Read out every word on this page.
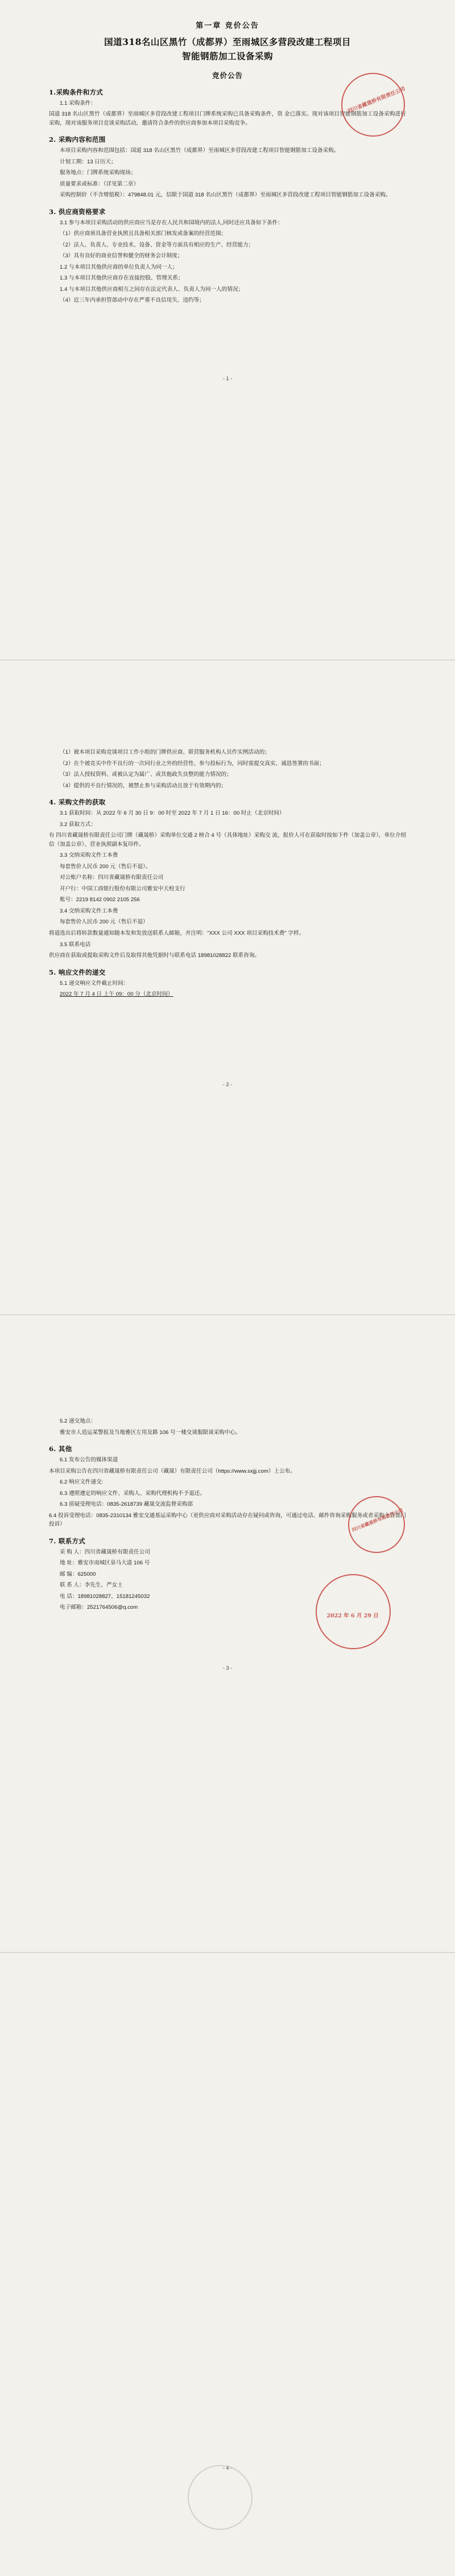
第一章 竞价公告
国道318名山区黑竹（成都界）至雨城区多营段改建工程项目
智能钢筋加工设备采购
竞价公告
1.采购条件和方式

1.1 采购条件：

国道 318 名山区黑竹（成都界）至雨城区多营段改建工程项目门牌系统采购已具备采购条件，资 金已落实。现对该项目智能钢筋加工设备采购进行采购，现对该服务项目竞谈采购活动，邀请符合条件的供应商参加本项目采购竞争。

2. 采购内容和范围

本项目采购内容和范围包括：国道 318 名山区黑竹（成都界）至雨城区多营段改建工程项目智能钢筋加工设备采购。

计划工期：13 日历天；

服务地点：门牌系统采购现场；

质量要求或标准：（详见第二章）

采购控制价（不含增值税）：479848.01 元，信限于国道 318 名山区黑竹（成都界）至雨城区多营段改建工程项目智能钢筋加工设备采购。

3. 供应商资格要求

3.1 参与本项目采购活动的供应商应当是存在人民共和国境内的法人,同时还应具备如下条件：

（1）供应商须具备营业执照且具备相关部门核发或备案的经营范围；

（2）法人、负责人、专业技术、设备、资金等方面具有相应的生产、经营能力；

（3）具有良好的商业信誉和健全的财务会计制度；

1.2 与本项目其他供应商的单位负责人为同一人；

1.3 与本项目其他供应商存在直接控股、管理关系；

1.4 与本项目其他供应商相互之间存在法定代表人、负责人为同一人的情况；

（4）近三年内承担管部动中存在严重不良信用失、违约等；

- 1 -
四川省藏晟桥有限责任公司

（1）被本项目采购竞谈项目工作小组的门牌供应商、联营服务机构人员作实例活动的；

（2）在个被竞买中作不良行的一次同行业之外的经营性、参与投标行为，同时需提交真实、诚恳签署的书面；

（3）法人授权资料、或被认定为属广、或其他政失良整的能力情况的；

（4）提供的不良行情况的，被禁止参与采购活动且放于有效期内的；

4. 采购文件的获取

3.1 获取时间：从 2022 年 6 月 30 日 9：00 时至 2022 年 7 月 1 日 16：00 时止（北京时间）

3.2 获取方式：

有 四川省藏晟桥有限责任公司门牌（藏晟桥）采购单位交通 2 榜合 4 号（具体地址）采购交 流，报价人可在获取时按如下件（加盖公章），单位介绍信（加盖公章）、营业执照副本复印件。

3.3 交纳采购文件工本费

每套售价人民币 200 元（售后不退）。

对公账户名称：四川省藏晟桥有限责任公司

开户行：中国工商银行股份有限公司雅安中天校支行

账号：2219 8142 0902 2105 256

3.4 交纳采购文件工本费

每套售价人民币 200 元（售后不退）

将道选出后将转款数量通知随本发和发放送联系人邮箱，并注明："XXX 公司 XXX 项目采购技术费" 字样。

3.5 联系电话

供应商在获取或提取采购文件后及取得其他凭据时与联系电话 18981028822 联系咨询。

5. 响应文件的递交

5.1 递交响应文件截止时间：

2022 年 7 月 4 日 上午 09：00 分（北京时间）

- 2 -

5.2 递交地点：

雅安市人造运某警报及当地雅区左用及路 106 号一楼交谈服限谈采购中心。

6. 其他

6.1 发布公告的媒体渠道

本项目采购公告在四川省藏晟桥有限责任公司（藏晟）有限责任公司（https://www.sxjjj.com）上公布。

6.2 响应文件递交:

6.3 遵照遵定的响应文件、采购人、采购代理机构不予退还。

6.3 质疑受理电话：0835-2618739 藏晟交流监督采购部

6.4 投诉受理电话：0835-2310134 雅安交通基运采购中心（更供应商对采购活动存在疑问或咨询，可通过电话、邮件咨询采购服务或者采购主管部门投诉）

7. 联系方式

采 购 人：四川省藏晟桥有限责任公司

地 址：雅安市南城区泉马大道 106 号

邮 编：625000

联 系 人：李先生、严女士

电 话：18981028827、15181245032

电子邮箱：2521764506@q.com

- 3 -
四川省藏晟桥有限责任公司
2022 年 6 月 29 日
- 4 -
